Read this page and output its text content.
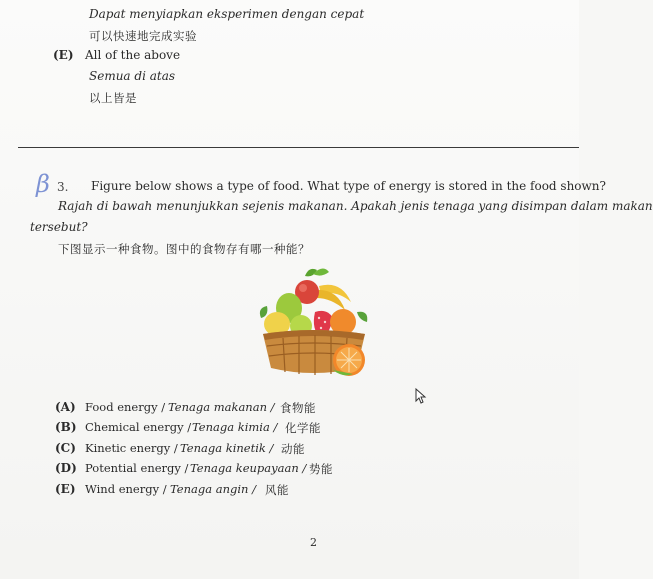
Dapat menyiapkan eksperimen dengan cepat
可以快速地完成实验
(E) All of the above
Semua di atas
以上皆是
β 3. Figure below shows a type of food. What type of energy is stored in the food shown?
Rajah di bawah menunjukkan sejenis makanan. Apakah jenis tenaga yang disimpan dalam makan
tersebut?
下图显示一种食物。图中的食物存有哪一种能？
(A) Food energy / Tenaga makanan / 食物能
(B) Chemical energy / Tenaga kimia / 化学能
(C) Kinetic energy / Tenaga kinetik / 动能
(D) Potential energy / Tenaga keupayaan / 势能
(E) Wind energy / Tenaga angin / 风能
2
